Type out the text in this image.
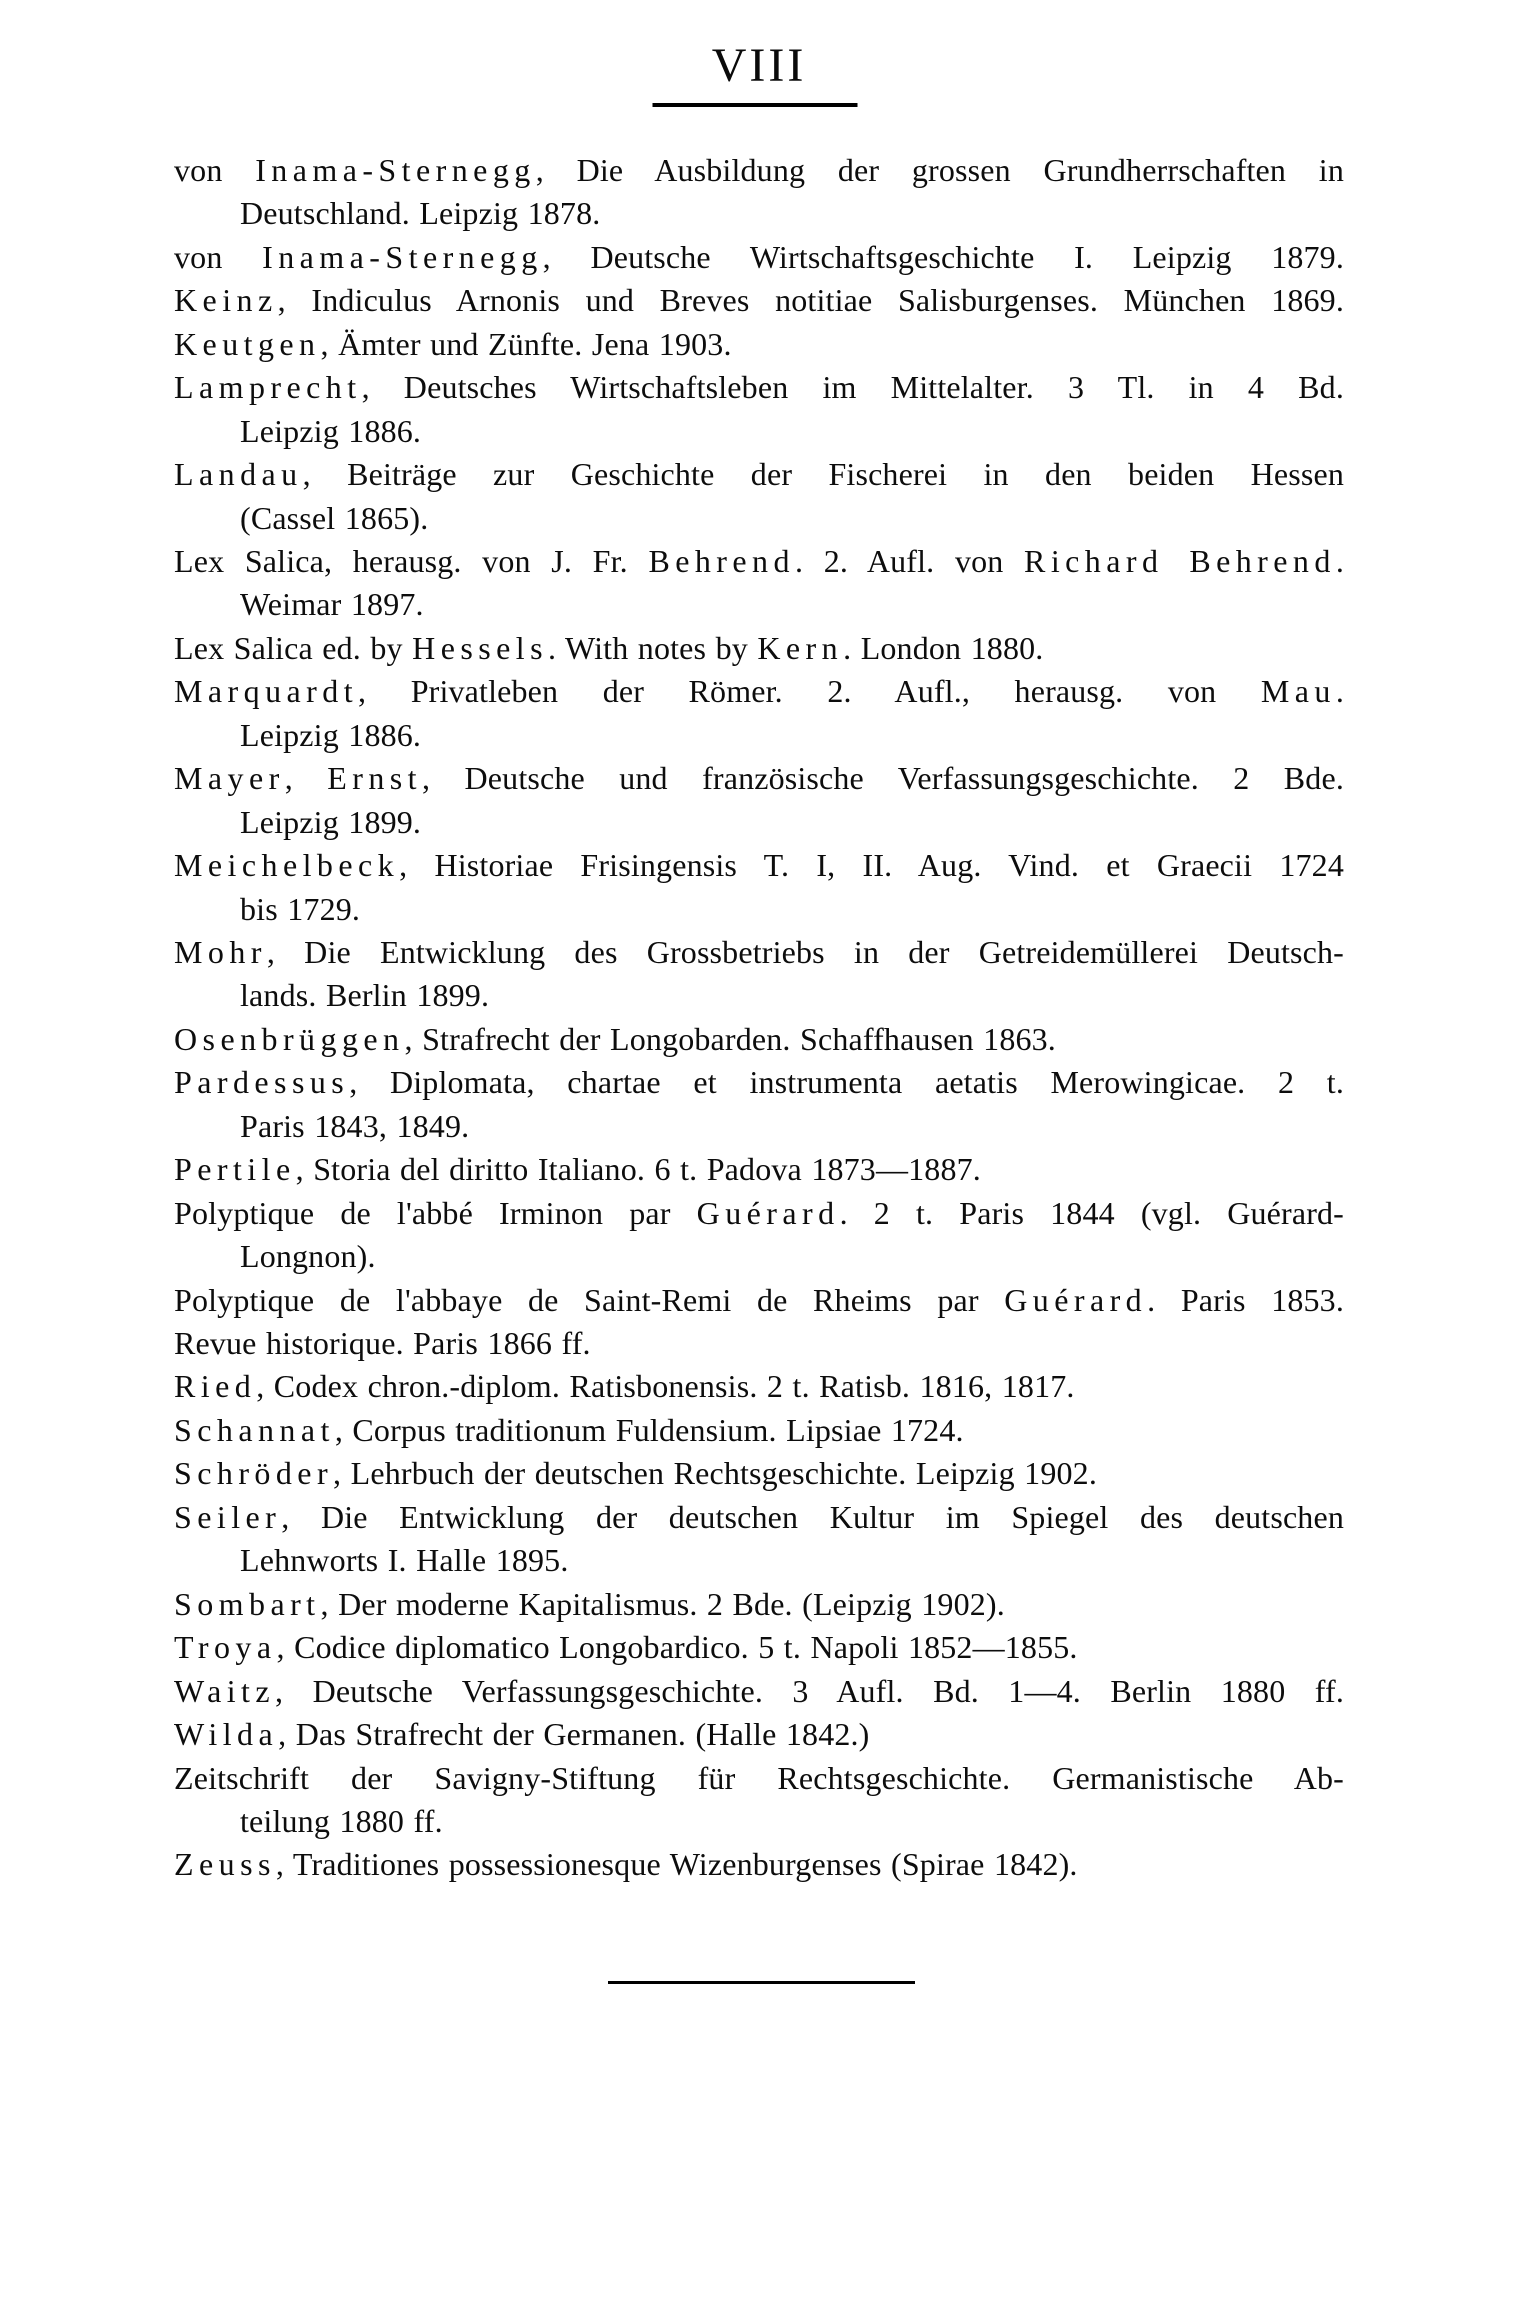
VIII
von Inama-Sternegg, Die Ausbildung der grossen Grundherrschaften in
Deutschland. Leipzig 1878.
von Inama-Sternegg, Deutsche Wirtschaftsgeschichte I. Leipzig 1879.
Keinz, Indiculus Arnonis und Breves notitiae Salisburgenses. München 1869.
Keutgen, Ämter und Zünfte. Jena 1903.
Lamprecht, Deutsches Wirtschaftsleben im Mittelalter. 3 Tl. in 4 Bd.
Leipzig 1886.
Landau, Beiträge zur Geschichte der Fischerei in den beiden Hessen
(Cassel 1865).
Lex Salica, herausg. von J. Fr. Behrend. 2. Aufl. von Richard Behrend.
Weimar 1897.
Lex Salica ed. by Hessels. With notes by Kern. London 1880.
Marquardt, Privatleben der Römer. 2. Aufl., herausg. von Mau.
Leipzig 1886.
Mayer, Ernst, Deutsche und französische Verfassungsgeschichte. 2 Bde.
Leipzig 1899.
Meichelbeck, Historiae Frisingensis T. I, II. Aug. Vind. et Graecii 1724
bis 1729.
Mohr, Die Entwicklung des Grossbetriebs in der Getreidemüllerei Deutsch-
lands. Berlin 1899.
Osenbrüggen, Strafrecht der Longobarden. Schaffhausen 1863.
Pardessus, Diplomata, chartae et instrumenta aetatis Merowingicae. 2 t.
Paris 1843, 1849.
Pertile, Storia del diritto Italiano. 6 t. Padova 1873—1887.
Polyptique de l'abbé Irminon par Guérard. 2 t. Paris 1844 (vgl. Guérard-
Longnon).
Polyptique de l'abbaye de Saint-Remi de Rheims par Guérard. Paris 1853.
Revue historique. Paris 1866 ff.
Ried, Codex chron.-diplom. Ratisbonensis. 2 t. Ratisb. 1816, 1817.
Schannat, Corpus traditionum Fuldensium. Lipsiae 1724.
Schröder, Lehrbuch der deutschen Rechtsgeschichte. Leipzig 1902.
Seiler, Die Entwicklung der deutschen Kultur im Spiegel des deutschen
Lehnworts I. Halle 1895.
Sombart, Der moderne Kapitalismus. 2 Bde. (Leipzig 1902).
Troya, Codice diplomatico Longobardico. 5 t. Napoli 1852—1855.
Waitz, Deutsche Verfassungsgeschichte. 3 Aufl. Bd. 1—4. Berlin 1880 ff.
Wilda, Das Strafrecht der Germanen. (Halle 1842.)
Zeitschrift der Savigny-Stiftung für Rechtsgeschichte. Germanistische Ab-
teilung 1880 ff.
Zeuss, Traditiones possessionesque Wizenburgenses (Spirae 1842).
